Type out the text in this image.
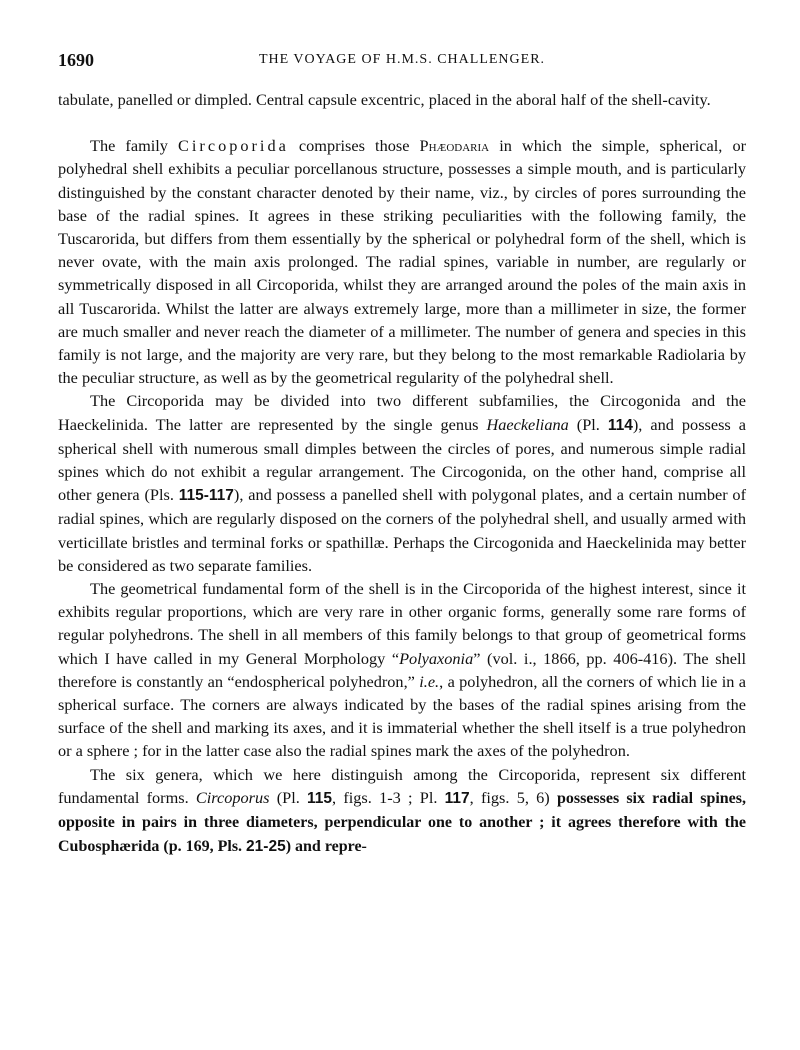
1690	THE VOYAGE OF H.M.S. CHALLENGER.

tabulate, panelled or dimpled. Central capsule excentric, placed in the aboral half of the shell-cavity.

The family Circoporida comprises those Phæodaria in which the simple, spherical, or polyhedral shell exhibits a peculiar porcellanous structure, possesses a simple mouth, and is particularly distinguished by the constant character denoted by their name, viz., by circles of pores surrounding the base of the radial spines. It agrees in these striking peculiarities with the following family, the Tuscarorida, but differs from them essentially by the spherical or polyhedral form of the shell, which is never ovate, with the main axis prolonged. The radial spines, variable in number, are regularly or symmetrically disposed in all Circoporida, whilst they are arranged around the poles of the main axis in all Tuscarorida. Whilst the latter are always extremely large, more than a millimeter in size, the former are much smaller and never reach the diameter of a millimeter. The number of genera and species in this family is not large, and the majority are very rare, but they belong to the most remarkable Radiolaria by the peculiar structure, as well as by the geometrical regularity of the polyhedral shell.

The Circoporida may be divided into two different subfamilies, the Circogonida and the Haeckelinida. The latter are represented by the single genus Haeckeliana (Pl. 114), and possess a spherical shell with numerous small dimples between the circles of pores, and numerous simple radial spines which do not exhibit a regular arrangement. The Circogonida, on the other hand, comprise all other genera (Pls. 115-117), and possess a panelled shell with polygonal plates, and a certain number of radial spines, which are regularly disposed on the corners of the polyhedral shell, and usually armed with verticillate bristles and terminal forks or spathillæ. Perhaps the Circogonida and Haeckelinida may better be considered as two separate families.

The geometrical fundamental form of the shell is in the Circoporida of the highest interest, since it exhibits regular proportions, which are very rare in other organic forms, generally some rare forms of regular polyhedrons. The shell in all members of this family belongs to that group of geometrical forms which I have called in my General Morphology “Polyaxonia” (vol. i., 1866, pp. 406-416). The shell therefore is constantly an “endospherical polyhedron,” i.e., a polyhedron, all the corners of which lie in a spherical surface. The corners are always indicated by the bases of the radial spines arising from the surface of the shell and marking its axes, and it is immaterial whether the shell itself is a true polyhedron or a sphere ; for in the latter case also the radial spines mark the axes of the polyhedron.

The six genera, which we here distinguish among the Circoporida, represent six different fundamental forms. Circoporus (Pl. 115, figs. 1-3 ; Pl. 117, figs. 5, 6) possesses six radial spines, opposite in pairs in three diameters, perpendicular one to another ; it agrees therefore with the Cubosphærida (p. 169, Pls. 21-25) and repre-
